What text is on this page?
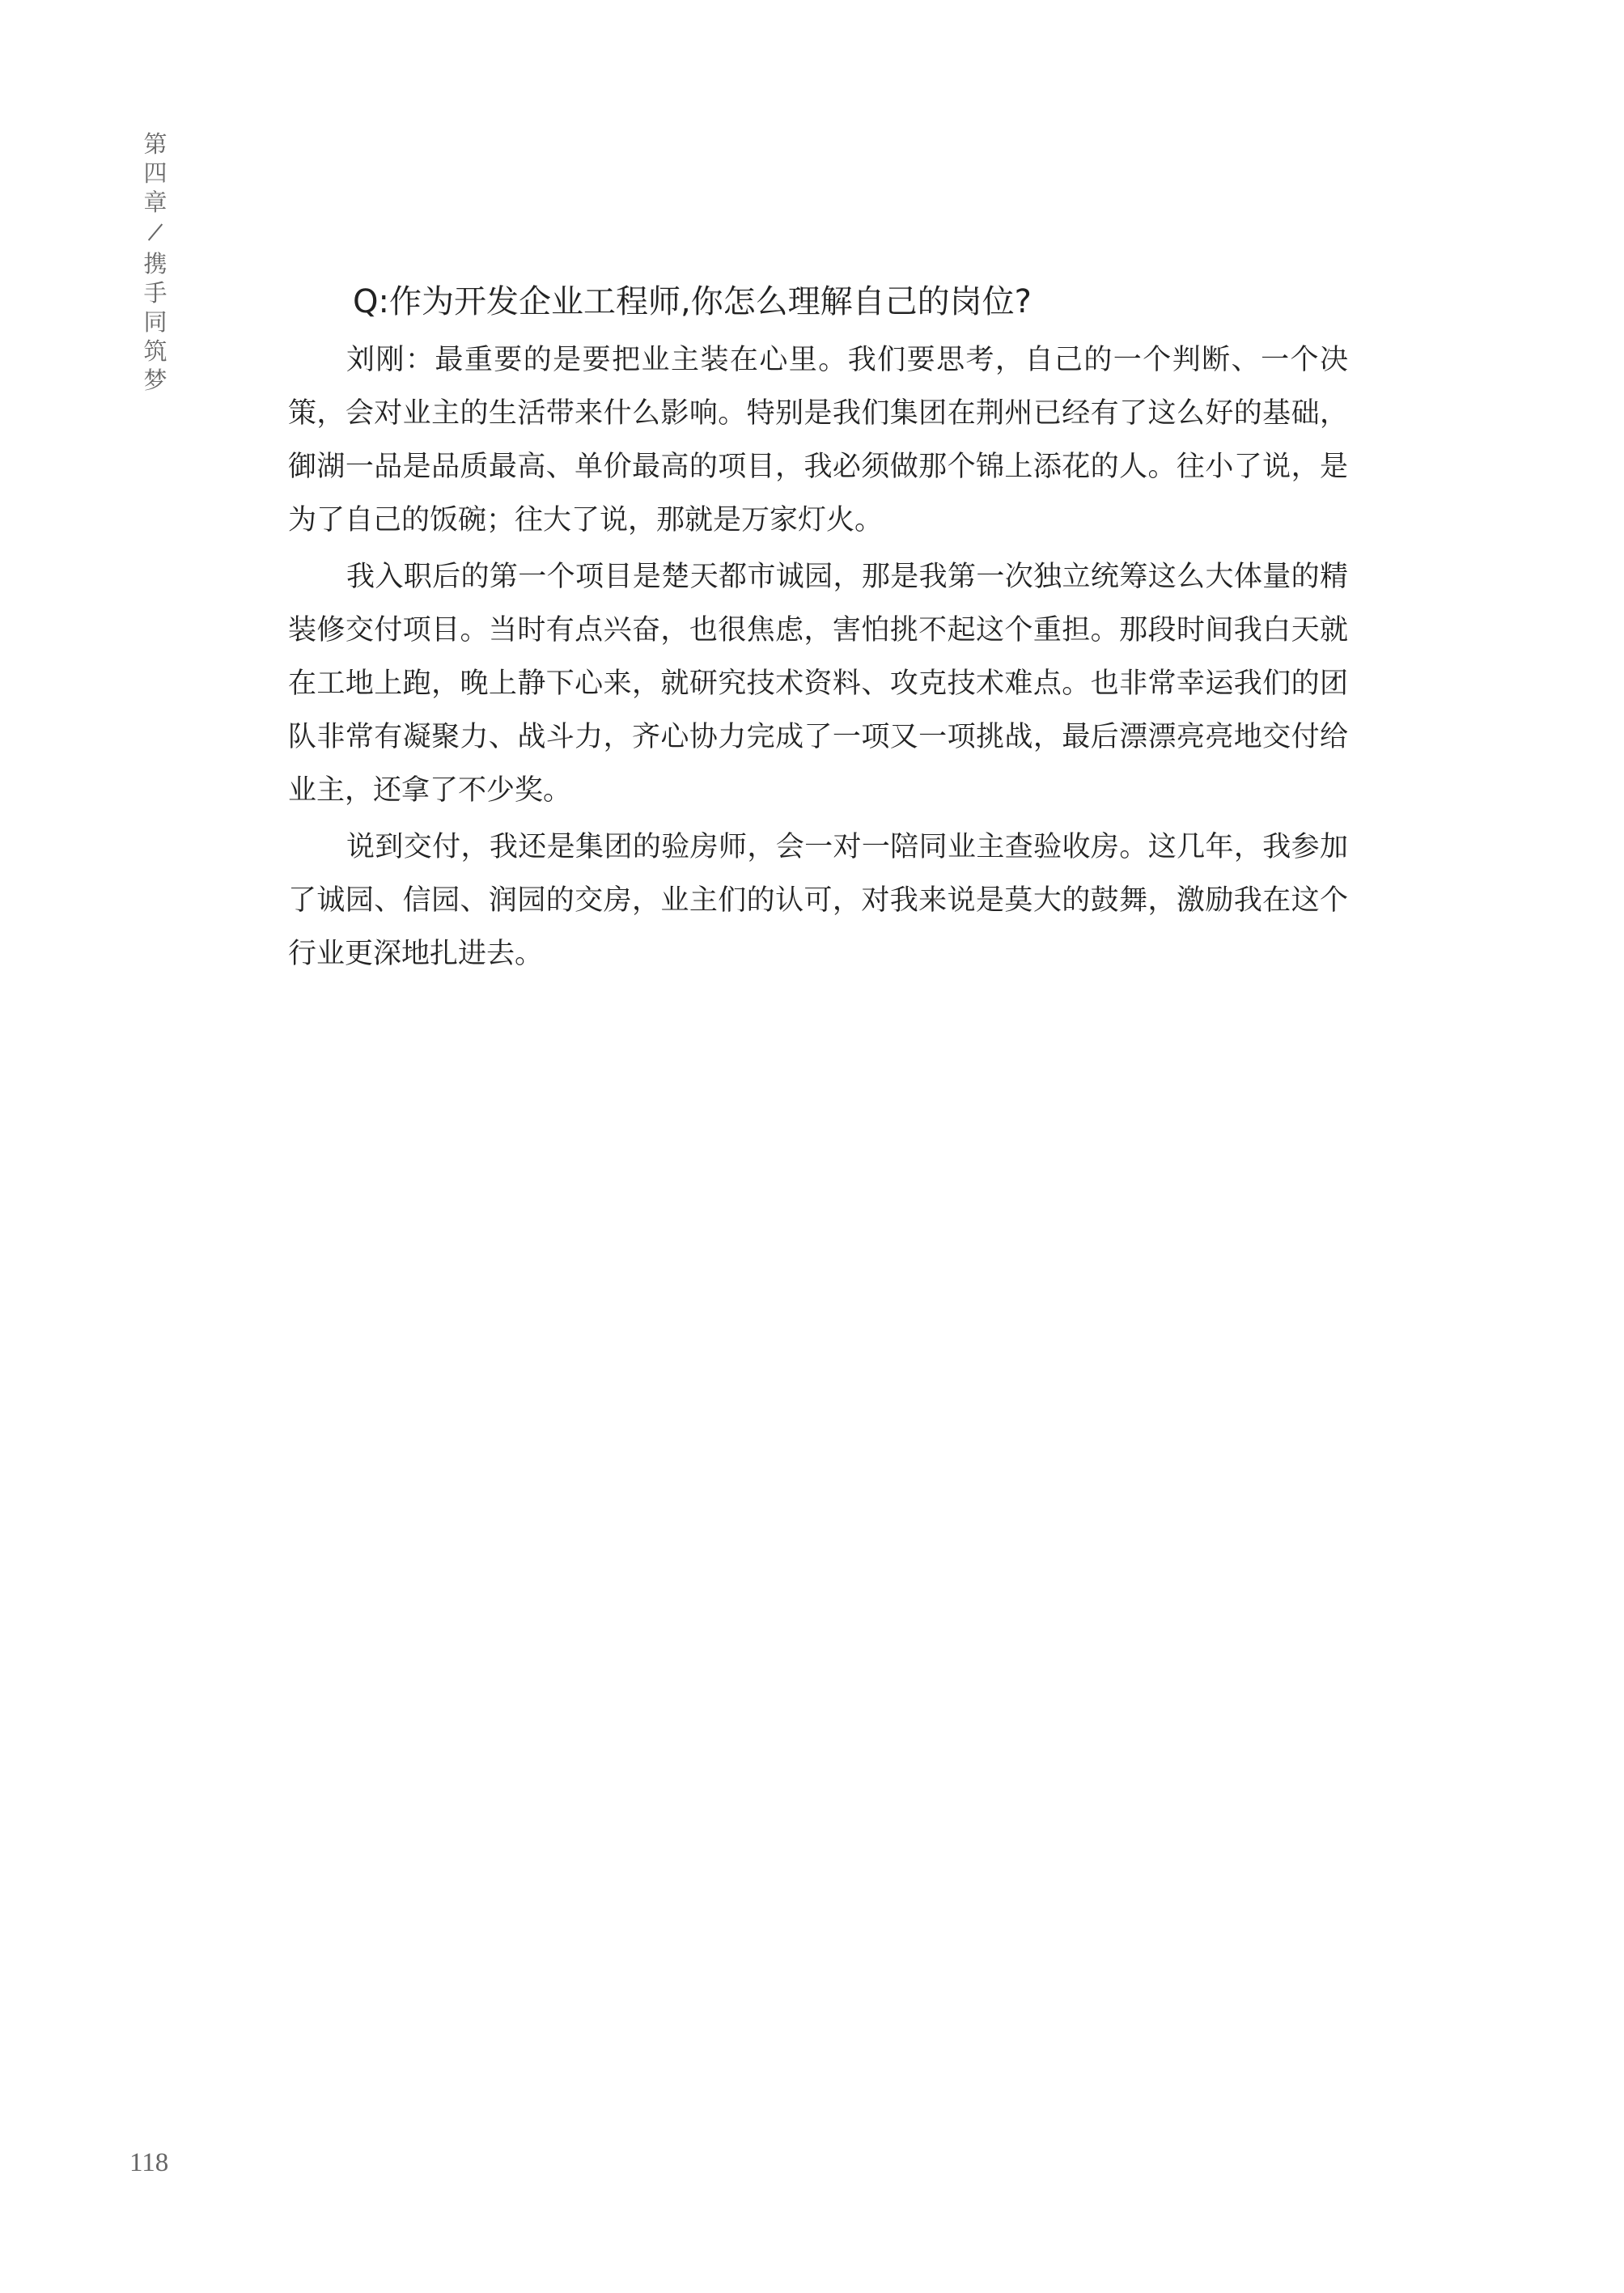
第
四
章
携
手
同
筑
梦

Q:作为开发企业工程师,你怎么理解自己的岗位?

刘刚：最重要的是要把业主装在心里。我们要思考，自己的一个判断、一个决策，会对业主的生活带来什么影响。特别是我们集团在荆州已经有了这么好的基础，御湖一品是品质最高、单价最高的项目，我必须做那个锦上添花的人。往小了说，是为了自己的饭碗；往大了说，那就是万家灯火。

我入职后的第一个项目是楚天都市诚园，那是我第一次独立统筹这么大体量的精装修交付项目。当时有点兴奋，也很焦虑，害怕挑不起这个重担。那段时间我白天就在工地上跑，晚上静下心来，就研究技术资料、攻克技术难点。也非常幸运我们的团队非常有凝聚力、战斗力，齐心协力完成了一项又一项挑战，最后漂漂亮亮地交付给业主，还拿了不少奖。

说到交付，我还是集团的验房师，会一对一陪同业主查验收房。这几年，我参加了诚园、信园、润园的交房，业主们的认可，对我来说是莫大的鼓舞，激励我在这个行业更深地扎进去。

118
